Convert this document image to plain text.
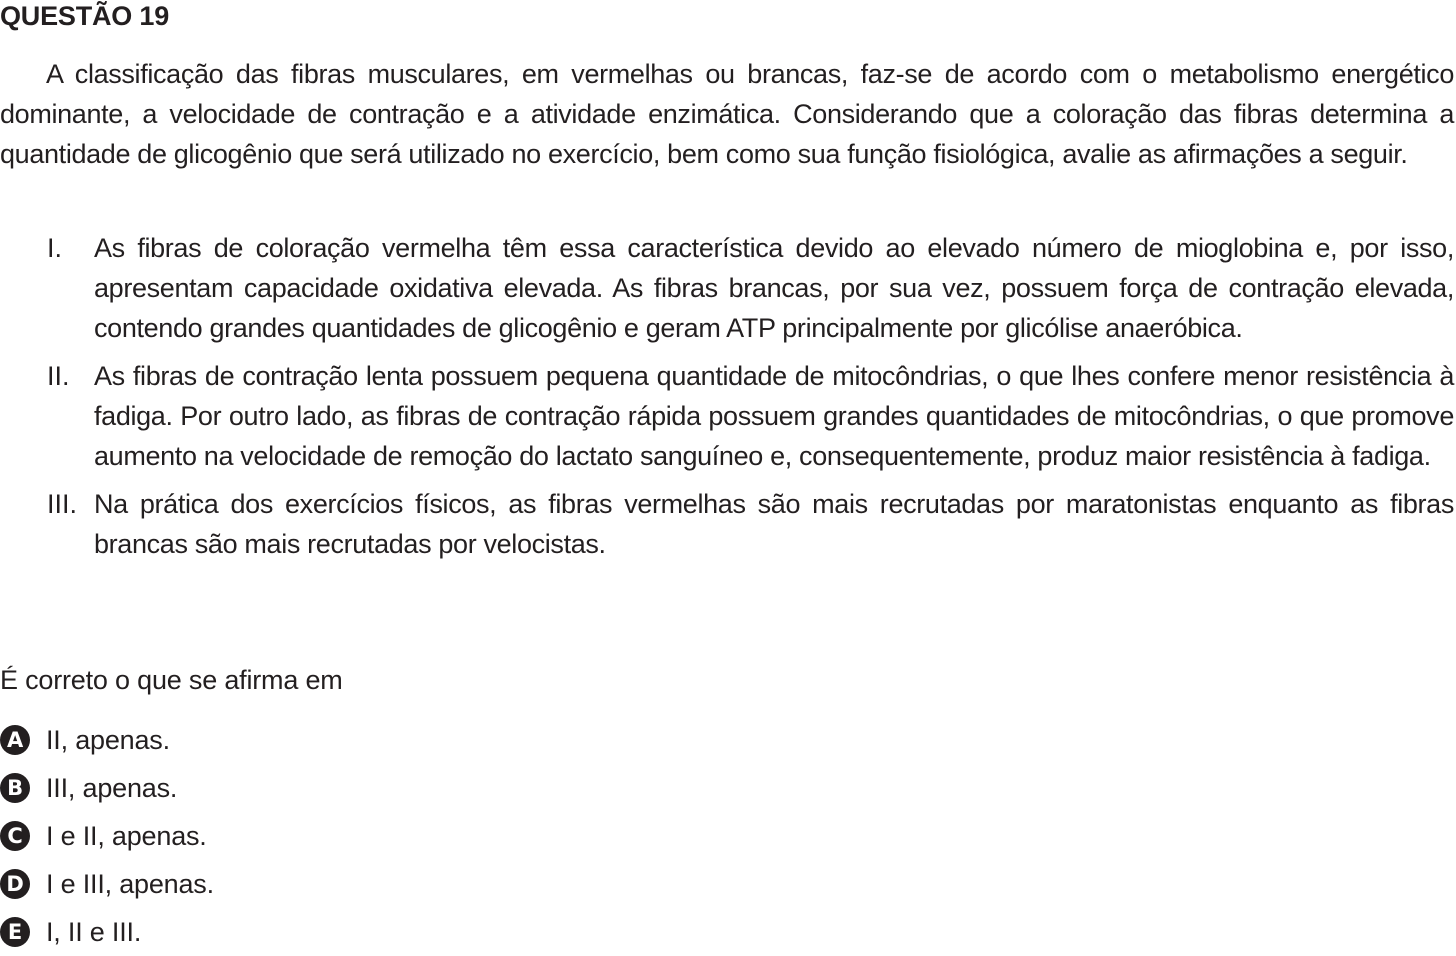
QUESTÃO 19
A classificação das fibras musculares, em vermelhas ou brancas, faz-se de acordo com o metabolismo energético dominante, a velocidade de contração e a atividade enzimática. Considerando que a coloração das fibras determina a quantidade de glicogênio que será utilizado no exercício, bem como sua função fisiológica, avalie as afirmações a seguir.
I. As fibras de coloração vermelha têm essa característica devido ao elevado número de mioglobina e, por isso, apresentam capacidade oxidativa elevada. As fibras brancas, por sua vez, possuem força de contração elevada, contendo grandes quantidades de glicogênio e geram ATP principalmente por glicólise anaeróbica.
II. As fibras de contração lenta possuem pequena quantidade de mitocôndrias, o que lhes confere menor resistência à fadiga. Por outro lado, as fibras de contração rápida possuem grandes quantidades de mitocôndrias, o que promove aumento na velocidade de remoção do lactato sanguíneo e, consequentemente, produz maior resistência à fadiga.
III. Na prática dos exercícios físicos, as fibras vermelhas são mais recrutadas por maratonistas enquanto as fibras brancas são mais recrutadas por velocistas.
É correto o que se afirma em
A II, apenas.
B III, apenas.
C I e II, apenas.
D I e III, apenas.
E I, II e III.
